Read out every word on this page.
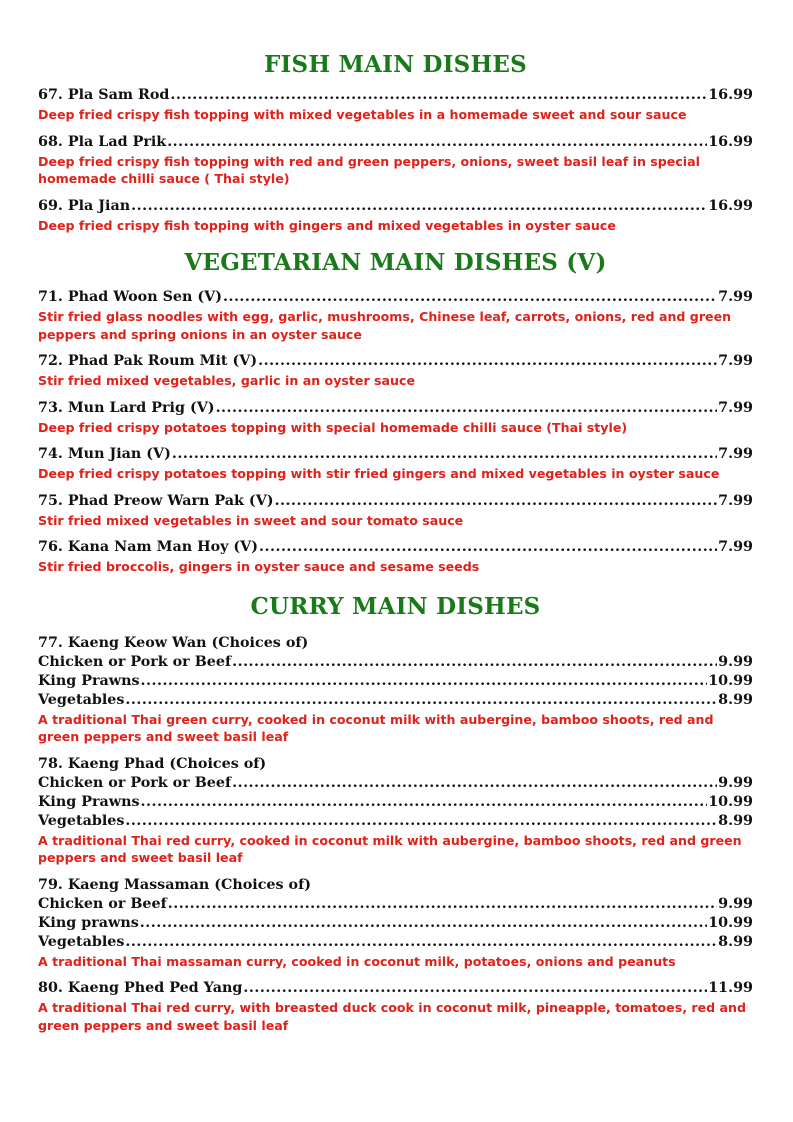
FISH MAIN DISHES
67. Pla Sam Rod .....	16.99
Deep fried crispy fish topping with mixed vegetables in a homemade sweet and sour sauce
68. Pla Lad Prik .....	16.99
Deep fried crispy fish topping with red and green peppers, onions, sweet basil leaf in special homemade chilli sauce ( Thai style)
69. Pla Jian .....	16.99
Deep fried crispy fish topping with gingers and mixed vegetables in oyster sauce
VEGETARIAN MAIN DISHES (V)
71. Phad Woon Sen (V) .....	7.99
Stir fried glass noodles with egg, garlic, mushrooms, Chinese leaf, carrots, onions, red and green peppers and spring onions in an oyster sauce
72. Phad Pak Roum Mit (V) .....	7.99
Stir fried mixed vegetables, garlic in an oyster sauce
73. Mun Lard Prig (V) .....	7.99
Deep fried crispy potatoes topping with special homemade chilli sauce (Thai style)
74. Mun Jian (V) .....	7.99
Deep fried crispy potatoes topping with stir fried gingers and mixed vegetables in oyster sauce
75. Phad Preow Warn Pak (V) .....	7.99
Stir fried mixed vegetables in sweet and sour tomato sauce
76. Kana Nam Man Hoy (V) .....	7.99
Stir fried broccolis, gingers in oyster sauce and sesame seeds
CURRY MAIN DISHES
77. Kaeng Keow Wan (Choices of)
Chicken or Pork or Beef .....	9.99
King Prawns .....	10.99
Vegetables .....	8.99
A traditional Thai green curry, cooked in coconut milk with aubergine, bamboo shoots, red and green peppers and sweet basil leaf
78. Kaeng Phad (Choices of)
Chicken or Pork or Beef .....	9.99
King Prawns .....	10.99
Vegetables .....	8.99
A traditional Thai red curry, cooked in coconut milk with aubergine, bamboo shoots, red and green peppers and sweet basil leaf
79. Kaeng Massaman (Choices of)
Chicken or Beef .....	9.99
King prawns .....	10.99
Vegetables .....	8.99
A traditional Thai massaman curry, cooked in coconut milk, potatoes, onions and peanuts
80. Kaeng Phed Ped Yang .....	11.99
A traditional Thai red curry, with breasted duck cook in coconut milk, pineapple, tomatoes, red and green peppers and sweet basil leaf
